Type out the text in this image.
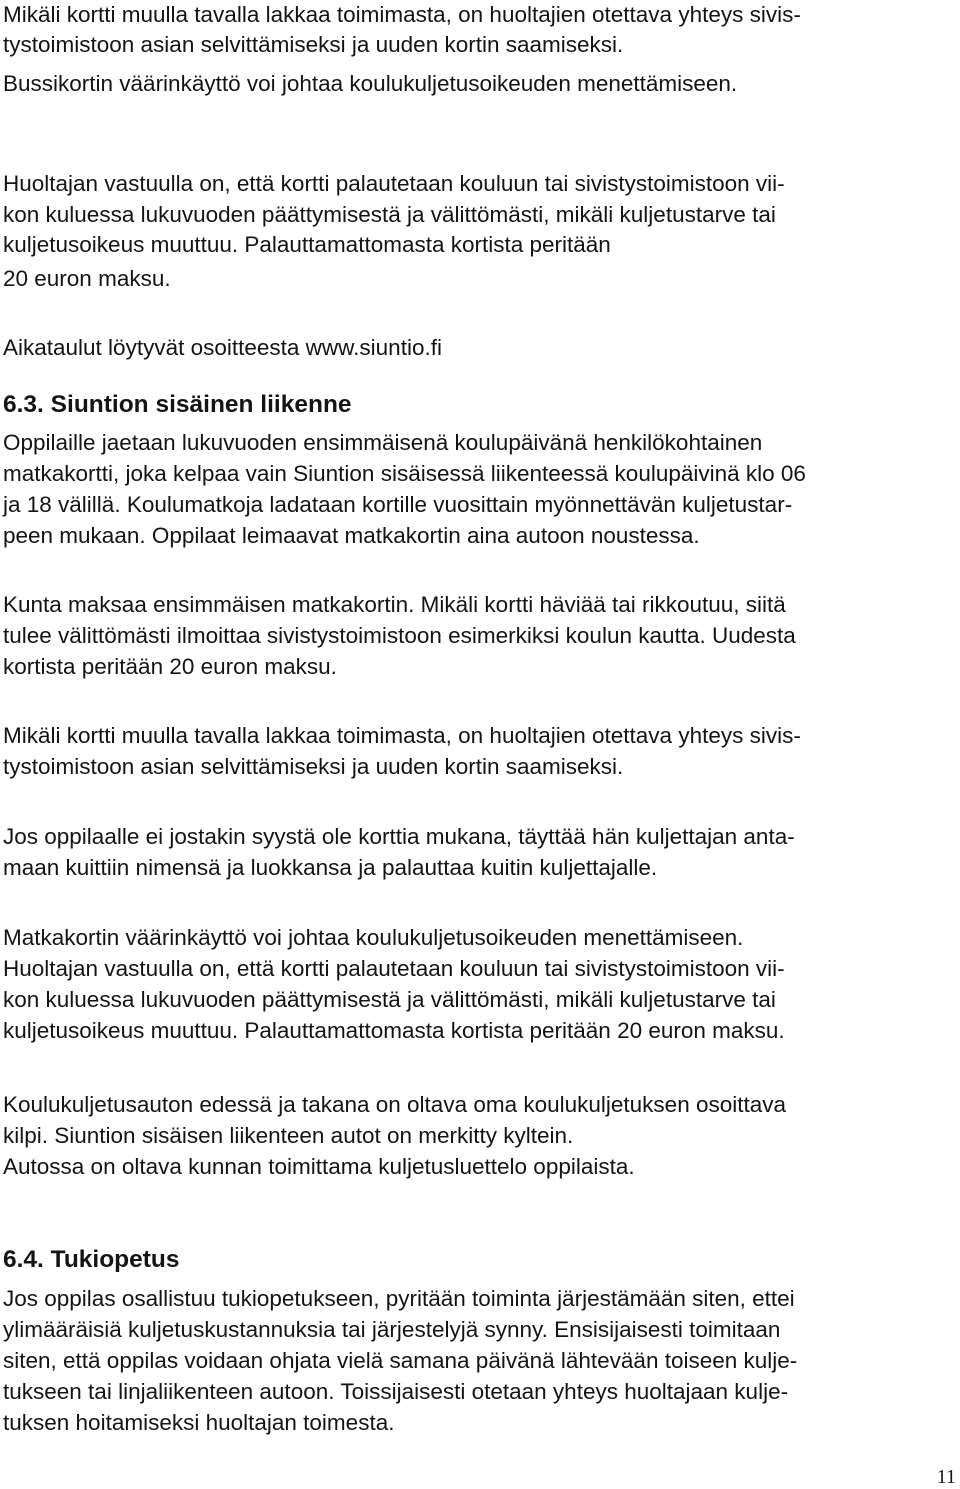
Mikäli kortti muulla tavalla lakkaa toimimasta, on huoltajien otettava yhteys sivis-

tystoimistoon asian selvittämiseksi ja uuden kortin saamiseksi.

Bussikortin väärinkäyttö voi johtaa koulukuljetusoikeuden menettämiseen.

Huoltajan vastuulla on, että kortti palautetaan kouluun tai sivistystoimistoon vii-

kon kuluessa lukuvuoden päättymisestä ja välittömästi, mikäli kuljetustarve tai

kuljetusoikeus muuttuu. Palauttamattomasta kortista peritään

20 euron maksu.

Aikataulut löytyvät osoitteesta www.siuntio.fi

6.3. Siuntion sisäinen liikenne

Oppilaille jaetaan lukuvuoden ensimmäisenä koulupäivänä henkilökohtainen

matkakortti, joka kelpaa vain Siuntion sisäisessä liikenteessä koulupäivinä klo 06

ja 18 välillä. Koulumatkoja ladataan kortille vuosittain myönnettävän kuljetustar-

peen mukaan. Oppilaat leimaavat matkakortin aina autoon noustessa.

Kunta maksaa ensimmäisen matkakortin. Mikäli kortti häviää tai rikkoutuu, siitä

tulee välittömästi ilmoittaa sivistystoimistoon esimerkiksi koulun kautta. Uudesta

kortista peritään 20 euron maksu.

Mikäli kortti muulla tavalla lakkaa toimimasta, on huoltajien otettava yhteys sivis-

tystoimistoon asian selvittämiseksi ja uuden kortin saamiseksi.

Jos oppilaalle ei jostakin syystä ole korttia mukana, täyttää hän kuljettajan anta-

maan kuittiin nimensä ja luokkansa ja palauttaa kuitin kuljettajalle.

Matkakortin väärinkäyttö voi johtaa koulukuljetusoikeuden menettämiseen.

Huoltajan vastuulla on, että kortti palautetaan kouluun tai sivistystoimistoon vii-

kon kuluessa lukuvuoden päättymisestä ja välittömästi, mikäli kuljetustarve tai

kuljetusoikeus muuttuu. Palauttamattomasta kortista peritään 20 euron maksu.

Koulukuljetusauton edessä ja takana on oltava oma koulukuljetuksen osoittava

kilpi. Siuntion sisäisen liikenteen autot on merkitty kyltein.

Autossa on oltava kunnan toimittama kuljetusluettelo oppilaista.

6.4. Tukiopetus

Jos oppilas osallistuu tukiopetukseen, pyritään toiminta järjestämään siten, ettei

ylimääräisiä kuljetuskustannuksia tai järjestelyjä synny. Ensisijaisesti toimitaan

siten, että oppilas voidaan ohjata vielä samana päivänä lähtevään toiseen kulje-

tukseen tai linjaliikenteen autoon. Toissijaisesti otetaan yhteys huoltajaan kulje-

tuksen hoitamiseksi huoltajan toimesta.

11
